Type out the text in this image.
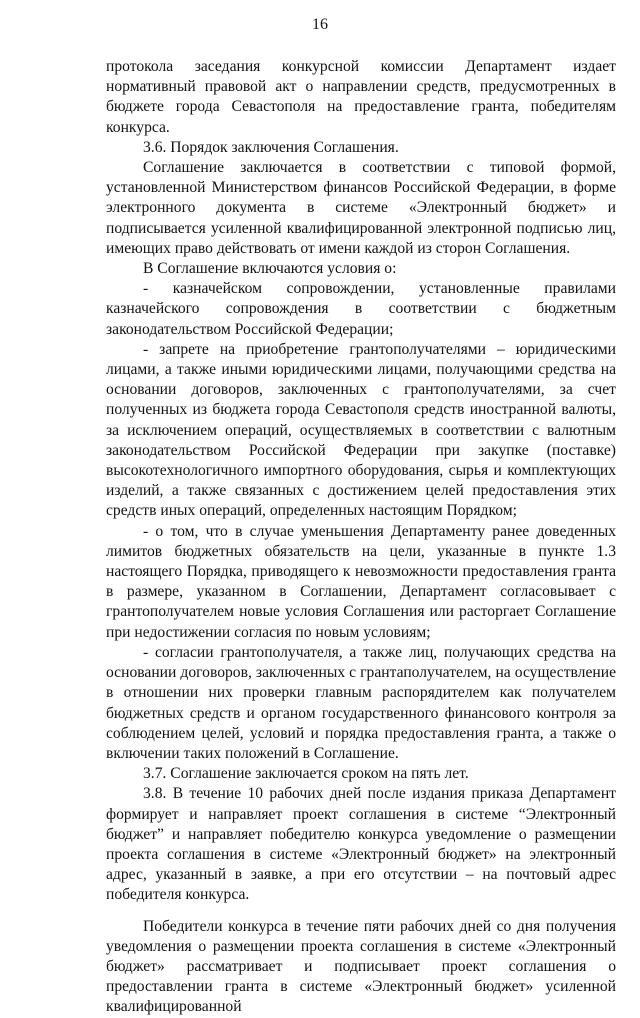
16

протокола заседания конкурсной комиссии Департамент издает нормативный правовой акт о направлении средств, предусмотренных в бюджете города Севастополя на предоставление гранта, победителям конкурса.

3.6. Порядок заключения Соглашения.

Соглашение заключается в соответствии с типовой формой, установленной Министерством финансов Российской Федерации, в форме электронного документа в системе «Электронный бюджет» и подписывается усиленной квалифицированной электронной подписью лиц, имеющих право действовать от имени каждой из сторон Соглашения.

В Соглашение включаются условия о:

- казначейском сопровождении, установленные правилами казначейского сопровождения в соответствии с бюджетным законодательством Российской Федерации;

- запрете на приобретение грантополучателями – юридическими лицами, а также иными юридическими лицами, получающими средства на основании договоров, заключенных с грантополучателями, за счет полученных из бюджета города Севастополя средств иностранной валюты, за исключением операций, осуществляемых в соответствии с валютным законодательством Российской Федерации при закупке (поставке) высокотехнологичного импортного оборудования, сырья и комплектующих изделий, а также связанных с достижением целей предоставления этих средств иных операций, определенных настоящим Порядком;

- о том, что в случае уменьшения Департаменту ранее доведенных лимитов бюджетных обязательств на цели, указанные в пункте 1.3 настоящего Порядка, приводящего к невозможности предоставления гранта в размере, указанном в Соглашении, Департамент согласовывает с грантополучателем новые условия Соглашения или расторгает Соглашение при недостижении согласия по новым условиям;

- согласии грантополучателя, а также лиц, получающих средства на основании договоров, заключенных с грантаполучателем, на осуществление в отношении них проверки главным распорядителем как получателем бюджетных средств и органом государственного финансового контроля за соблюдением целей, условий и порядка предоставления гранта, а также о включении таких положений в Соглашение.

3.7. Соглашение заключается сроком на пять лет.

3.8. В течение 10 рабочих дней после издания приказа Департамент формирует и направляет проект соглашения в системе “Электронный бюджет” и направляет победителю конкурса уведомление о размещении проекта соглашения в системе «Электронный бюджет» на электронный адрес, указанный в заявке, а при его отсутствии – на почтовый адрес победителя конкурса.

Победители конкурса в течение пяти рабочих дней со дня получения уведомления о размещении проекта соглашения в системе «Электронный бюджет» рассматривает и подписывает проект соглашения о предоставлении гранта в системе «Электронный бюджет» усиленной квалифицированной
